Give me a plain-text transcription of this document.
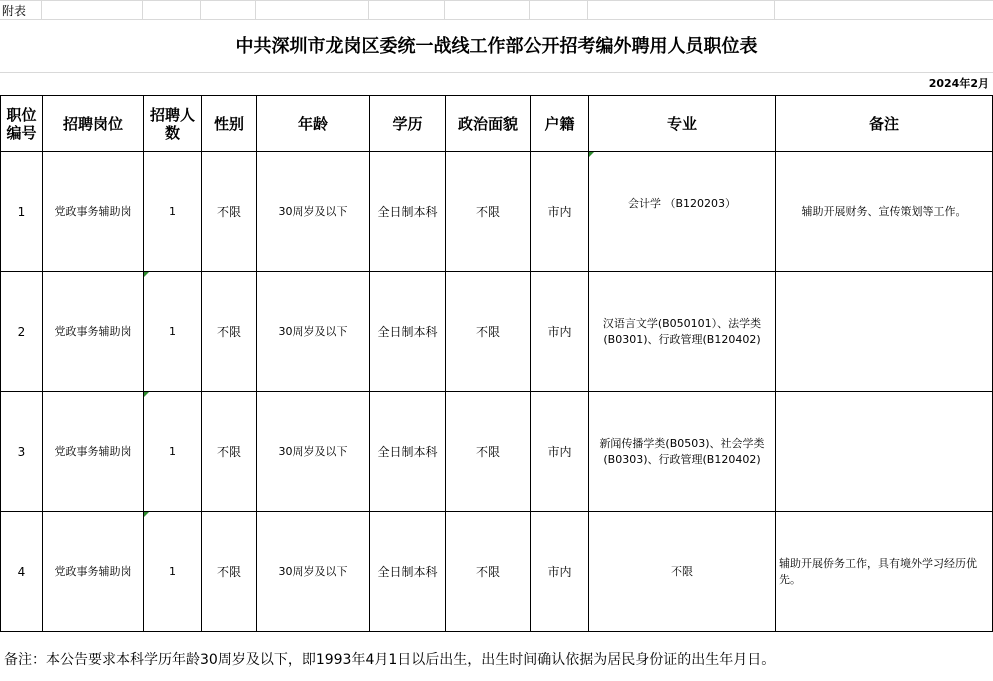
附表
中共深圳市龙岗区委统一战线工作部公开招考编外聘用人员职位表
2024年2月
职位编号	招聘岗位	招聘人数	性别	年龄	学历	政治面貌	户籍	专业	备注
1	党政事务辅助岗	1	不限	30周岁及以下	全日制本科	不限	市内	会计学 （B120203）	辅助开展财务、宣传策划等工作。
2	党政事务辅助岗	1	不限	30周岁及以下	全日制本科	不限	市内	汉语言文学(B050101）、法学类(B0301)、行政管理(B120402)	
3	党政事务辅助岗	1	不限	30周岁及以下	全日制本科	不限	市内	新闻传播学类(B0503)、社会学类(B0303)、行政管理(B120402)	
4	党政事务辅助岗	1	不限	30周岁及以下	全日制本科	不限	市内	不限	辅助开展侨务工作，具有境外学习经历优先。
备注：本公告要求本科学历年龄30周岁及以下，即1993年4月1日以后出生，出生时间确认依据为居民身份证的出生年月日。
